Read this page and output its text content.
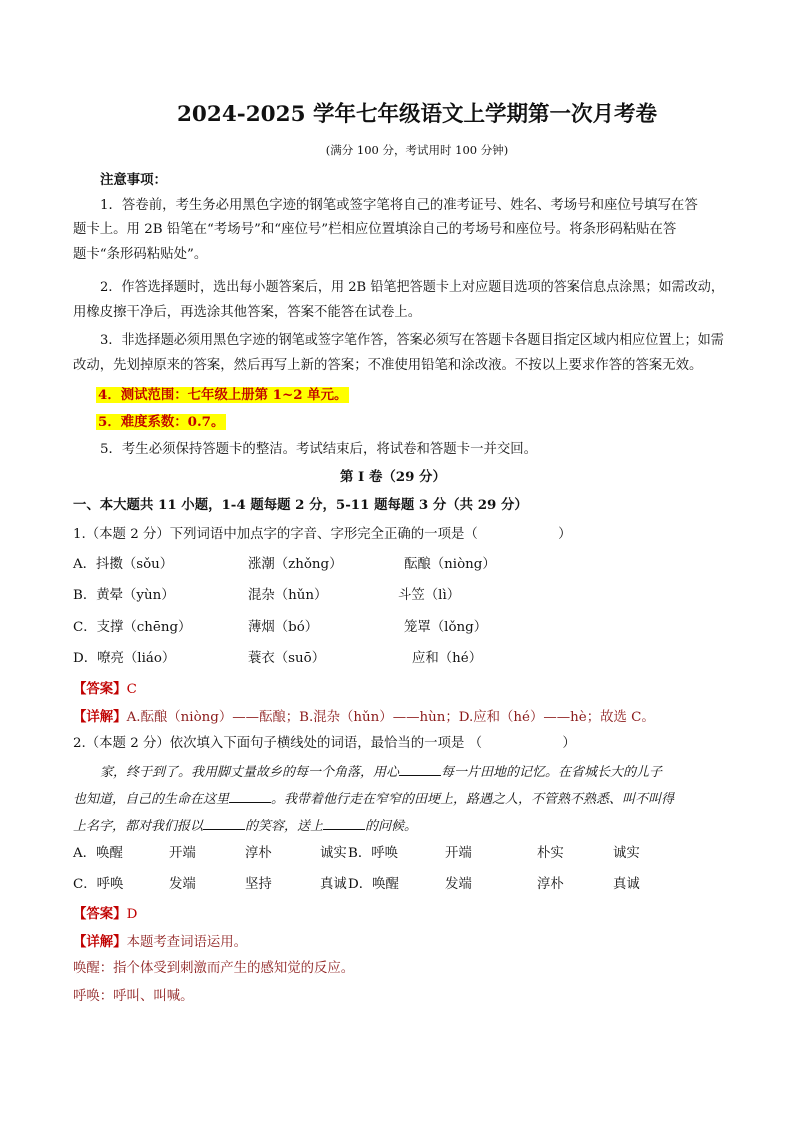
2024-2025 学年七年级语文上学期第一次月考卷
(满分 100 分，考试用时 100 分钟)
注意事项：
1．答卷前，考生务必用黑色字迹的钢笔或签字笔将自己的准考证号、姓名、考场号和座位号填写在答
题卡上。用 2B 铅笔在“考场号”和“座位号”栏相应位置填涂自己的考场号和座位号。将条形码粘贴在答
题卡“条形码粘贴处”。
2．作答选择题时，选出每小题答案后，用 2B 铅笔把答题卡上对应题目选项的答案信息点涂黑；如需改动，
用橡皮擦干净后，再选涂其他答案，答案不能答在试卷上。
3．非选择题必须用黑色字迹的钢笔或签字笔作答，答案必须写在答题卡各题目指定区域内相应位置上；如需
改动，先划掉原来的答案，然后再写上新的答案；不准使用铅笔和涂改液。不按以上要求作答的答案无效。
4．测试范围：七年级上册第 1~2 单元。
5．难度系数：0.7。
5．考生必须保持答题卡的整洁。考试结束后，将试卷和答题卡一并交回。
第 I 卷（29 分）
一、本大题共 11 小题，1-4 题每题 2 分，5-11 题每题 3 分（共 29 分）
1.（本题 2 分）下列词语中加点字的字音、字形完全正确的一项是（　　　　　　）
A．抖擞（sǒu）	涨潮（zhǒng）	酝酿（niòng）
B．黄晕（yùn）	混杂（hǔn）	斗笠（lì）
C．支撑（chēng）	薄烟（bó）	笼罩（lǒng）
D．嘹亮（liáo）	蓑衣（suō）	应和（hé）
【答案】C
【详解】A.酝酿（niòng）——酝酿；B.混杂（hǔn）——hùn；D.应和（hé）——hè；故选 C。
2.（本题 2 分）依次填入下面句子横线处的词语，最恰当的一项是 （　　　　　　）
家，终于到了。我用脚丈量故乡的每一个角落，用心	每一片田地的记忆。在省城长大的儿子
也知道，自己的生命在这里	。我带着他行走在窄窄的田埂上，路遇之人，不管熟不熟悉、叫不叫得
上名字，都对我们报以	的笑容，送上	的问候。
A．唤醒	开端	淳朴	诚实 B．呼唤	开端	朴实	诚实
C．呼唤	发端	坚持	真诚 D．唤醒	发端	淳朴	真诚
【答案】D
【详解】本题考查词语运用。
唤醒：指个体受到刺激而产生的感知觉的反应。
呼唤：呼叫、叫喊。
